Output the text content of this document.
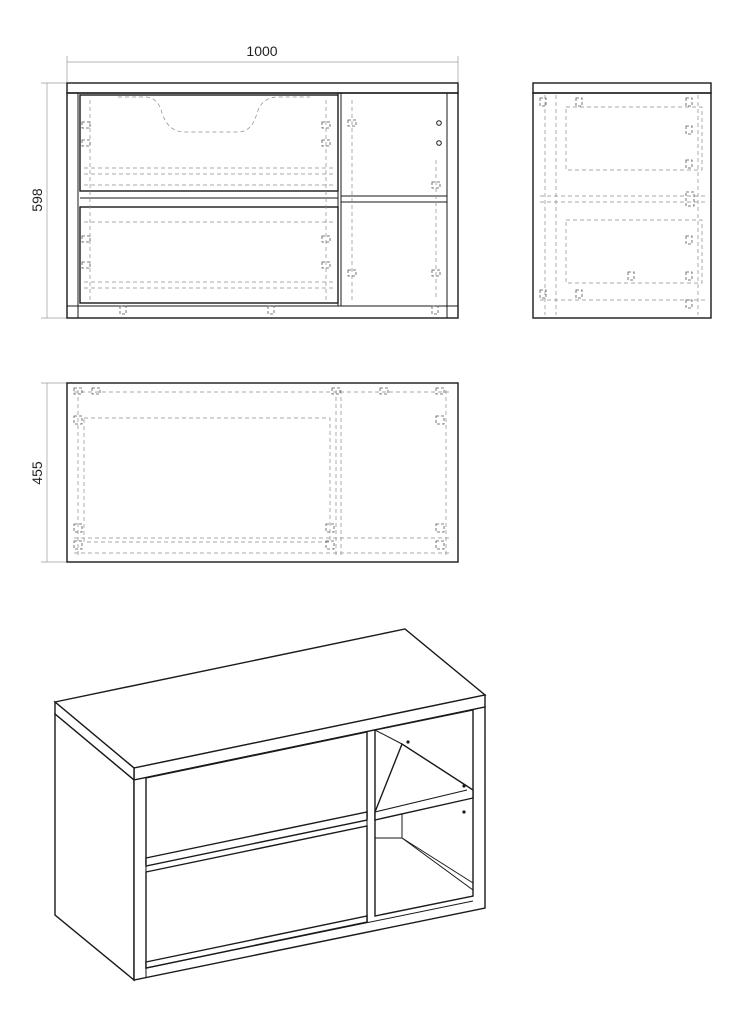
1000
598
455
